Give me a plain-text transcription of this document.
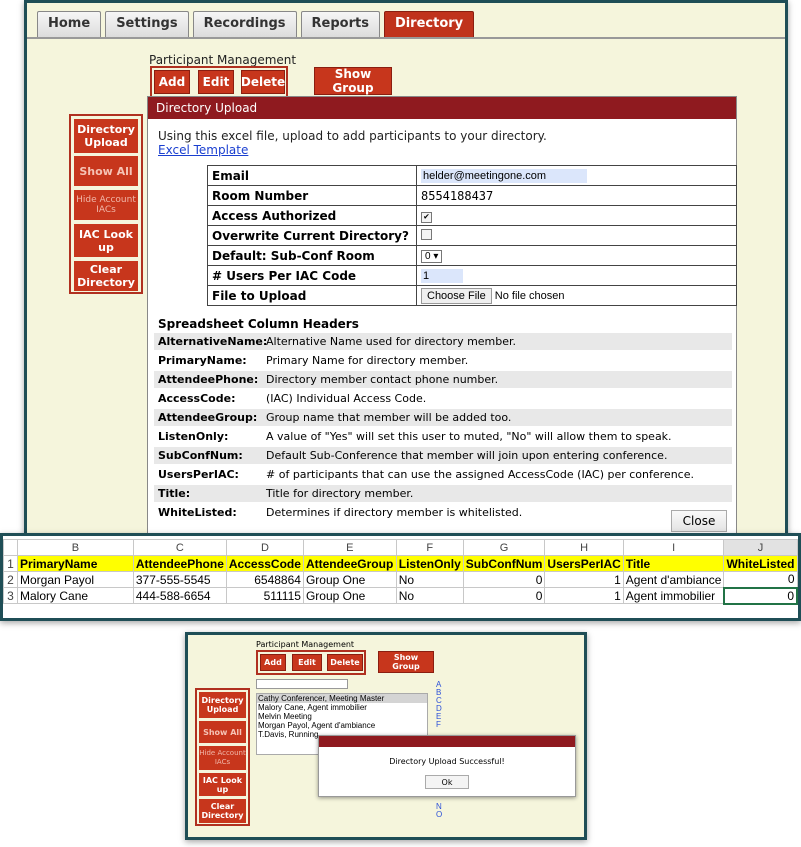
Home	Settings	Recordings	Reports	Directory
Participant Management
Add	Edit Delete
Show Group
Directory Upload
Show All
Hide Account IACs
IAC Look up
Clear Directory
Directory Upload
Using this excel file, upload to add participants to your directory.
Excel Template
Email	helder@meetingone.com

Room Number	8554188437
Access Authorized	✔
Overwrite Current Directory?	
Default: Sub-Conf Room	0 ▾
# Users Per IAC Code	1

File to Upload	Choose File No file chosen
Spreadsheet Column Headers
AlternativeName:
Alternative Name used for directory member.
PrimaryName:	Primary Name for directory member.
AttendeePhone: Directory member contact phone number.
AccessCode:	(IAC) Individual Access Code.
AttendeeGroup: Group name that member will be added too.
ListenOnly:	A value of "Yes" will set this user to muted, "No" will allow them to speak.
SubConfNum:	Default Sub-Conference that member will join upon entering conference.
UsersPerIAC:	# of participants that can use the assigned AccessCode (IAC) per conference.
Title:	Title for directory member.
WhiteListed:	Determines if directory member is whitelisted.
Close
	B	C	D	E	F	G	H	I	J
1	PrimaryName	AttendeePhone	AccessCode	AttendeeGroup	ListenOnly	SubConfNum	UsersPerIAC	Title	WhiteListed
2	Morgan Payol	377-555-5545	6548864	Group One	No	0	1	Agent d'ambiance	0
3	Malory Cane	444-588-6654	511115	Group One	No	0	1	Agent immobilier	0
Participant Management
Add	Edit	Delete
Show Group
Directory Upload
Show All
Hide Account IACs
IAC Look up
Clear Directory
Cathy Conferencer, Meeting Master
Malory Cane, Agent immobilier
Melvin Meeting
Morgan Payol, Agent d'ambiance
T.Davis, Running
A
B
C
D
E
F
N
O
Directory Upload Successful!
Ok
